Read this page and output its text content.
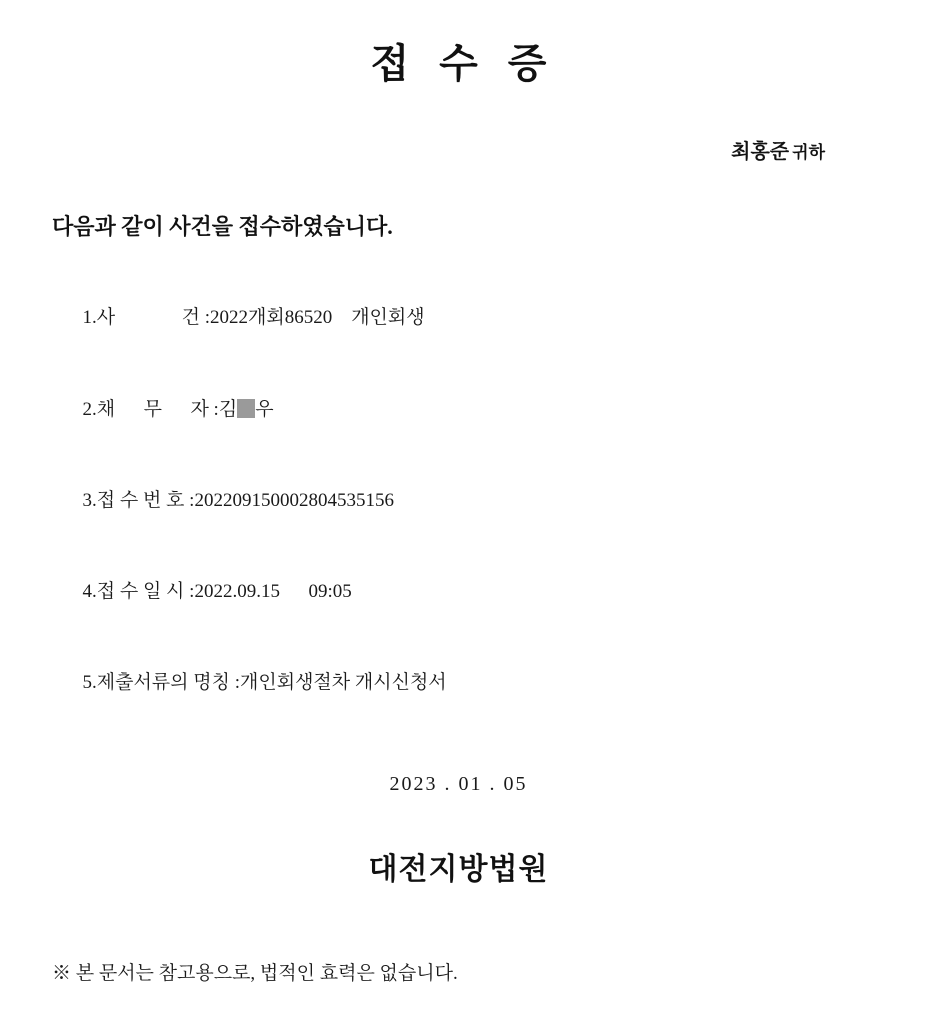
접 수 증
최홍준 귀하
다음과 같이 사건을 접수하였습니다.

1.사              건 :2022개회86520    개인회생

2.채      무      자 :김 우

3.접 수 번 호 :202209150002804535156

4.접 수 일 시 :2022.09.15      09:05

5.제출서류의 명칭 :개인회생절차 개시신청서

2023 . 01 . 05
대전지방법원
※ 본 문서는 참고용으로, 법적인 효력은 없습니다.
